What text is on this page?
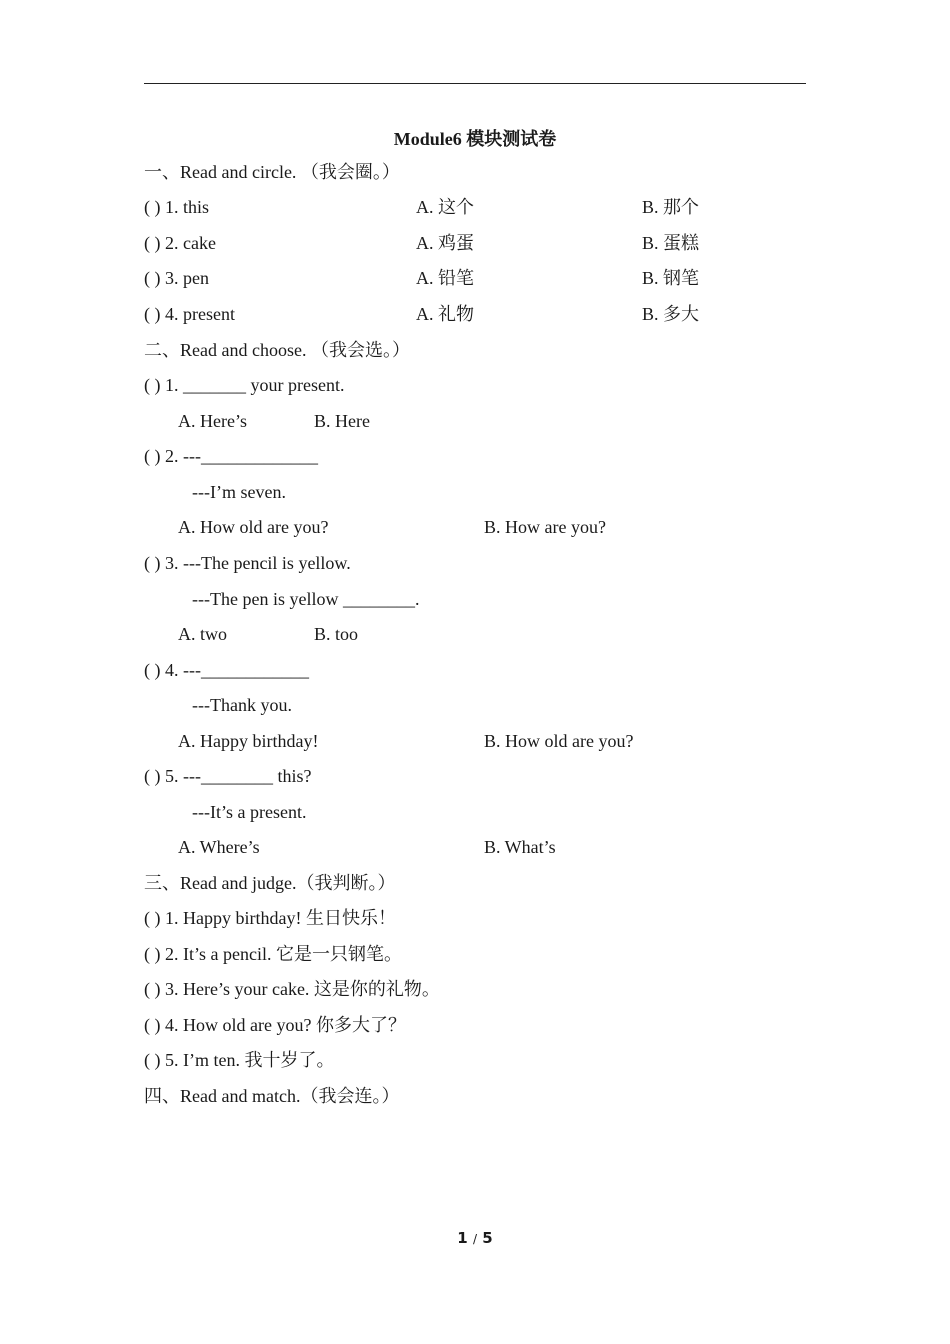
Module6 模块测试卷
一、Read and circle. （我会圈。）
( ) 1. this	A. 这个	B. 那个
( ) 2. cake	A. 鸡蛋	B. 蛋糕
( ) 3. pen	A. 铅笔	B. 钢笔
( ) 4. present	A. 礼物	B. 多大
二、Read and choose. （我会选。）
( ) 1. _______ your present.
A. Here’s	B. Here
( ) 2. ---_____________
---I’m seven.
A. How old are you?	B. How are you?
( ) 3. ---The pencil is yellow.
---The pen is yellow ________.
A. two	B. too
( ) 4. ---____________
---Thank you.
A. Happy birthday!	B. How old are you?
( ) 5. ---________ this?
---It’s a present.
A. Where’s	B. What’s
三、Read and judge.（我判断。）
( ) 1. Happy birthday! 生日快乐！
( ) 2. It’s a pencil. 它是一只钢笔。
( ) 3. Here’s your cake. 这是你的礼物。
( ) 4. How old are you? 你多大了？
( ) 5. I’m ten. 我十岁了。
四、Read and match.（我会连。）
1 / 5
